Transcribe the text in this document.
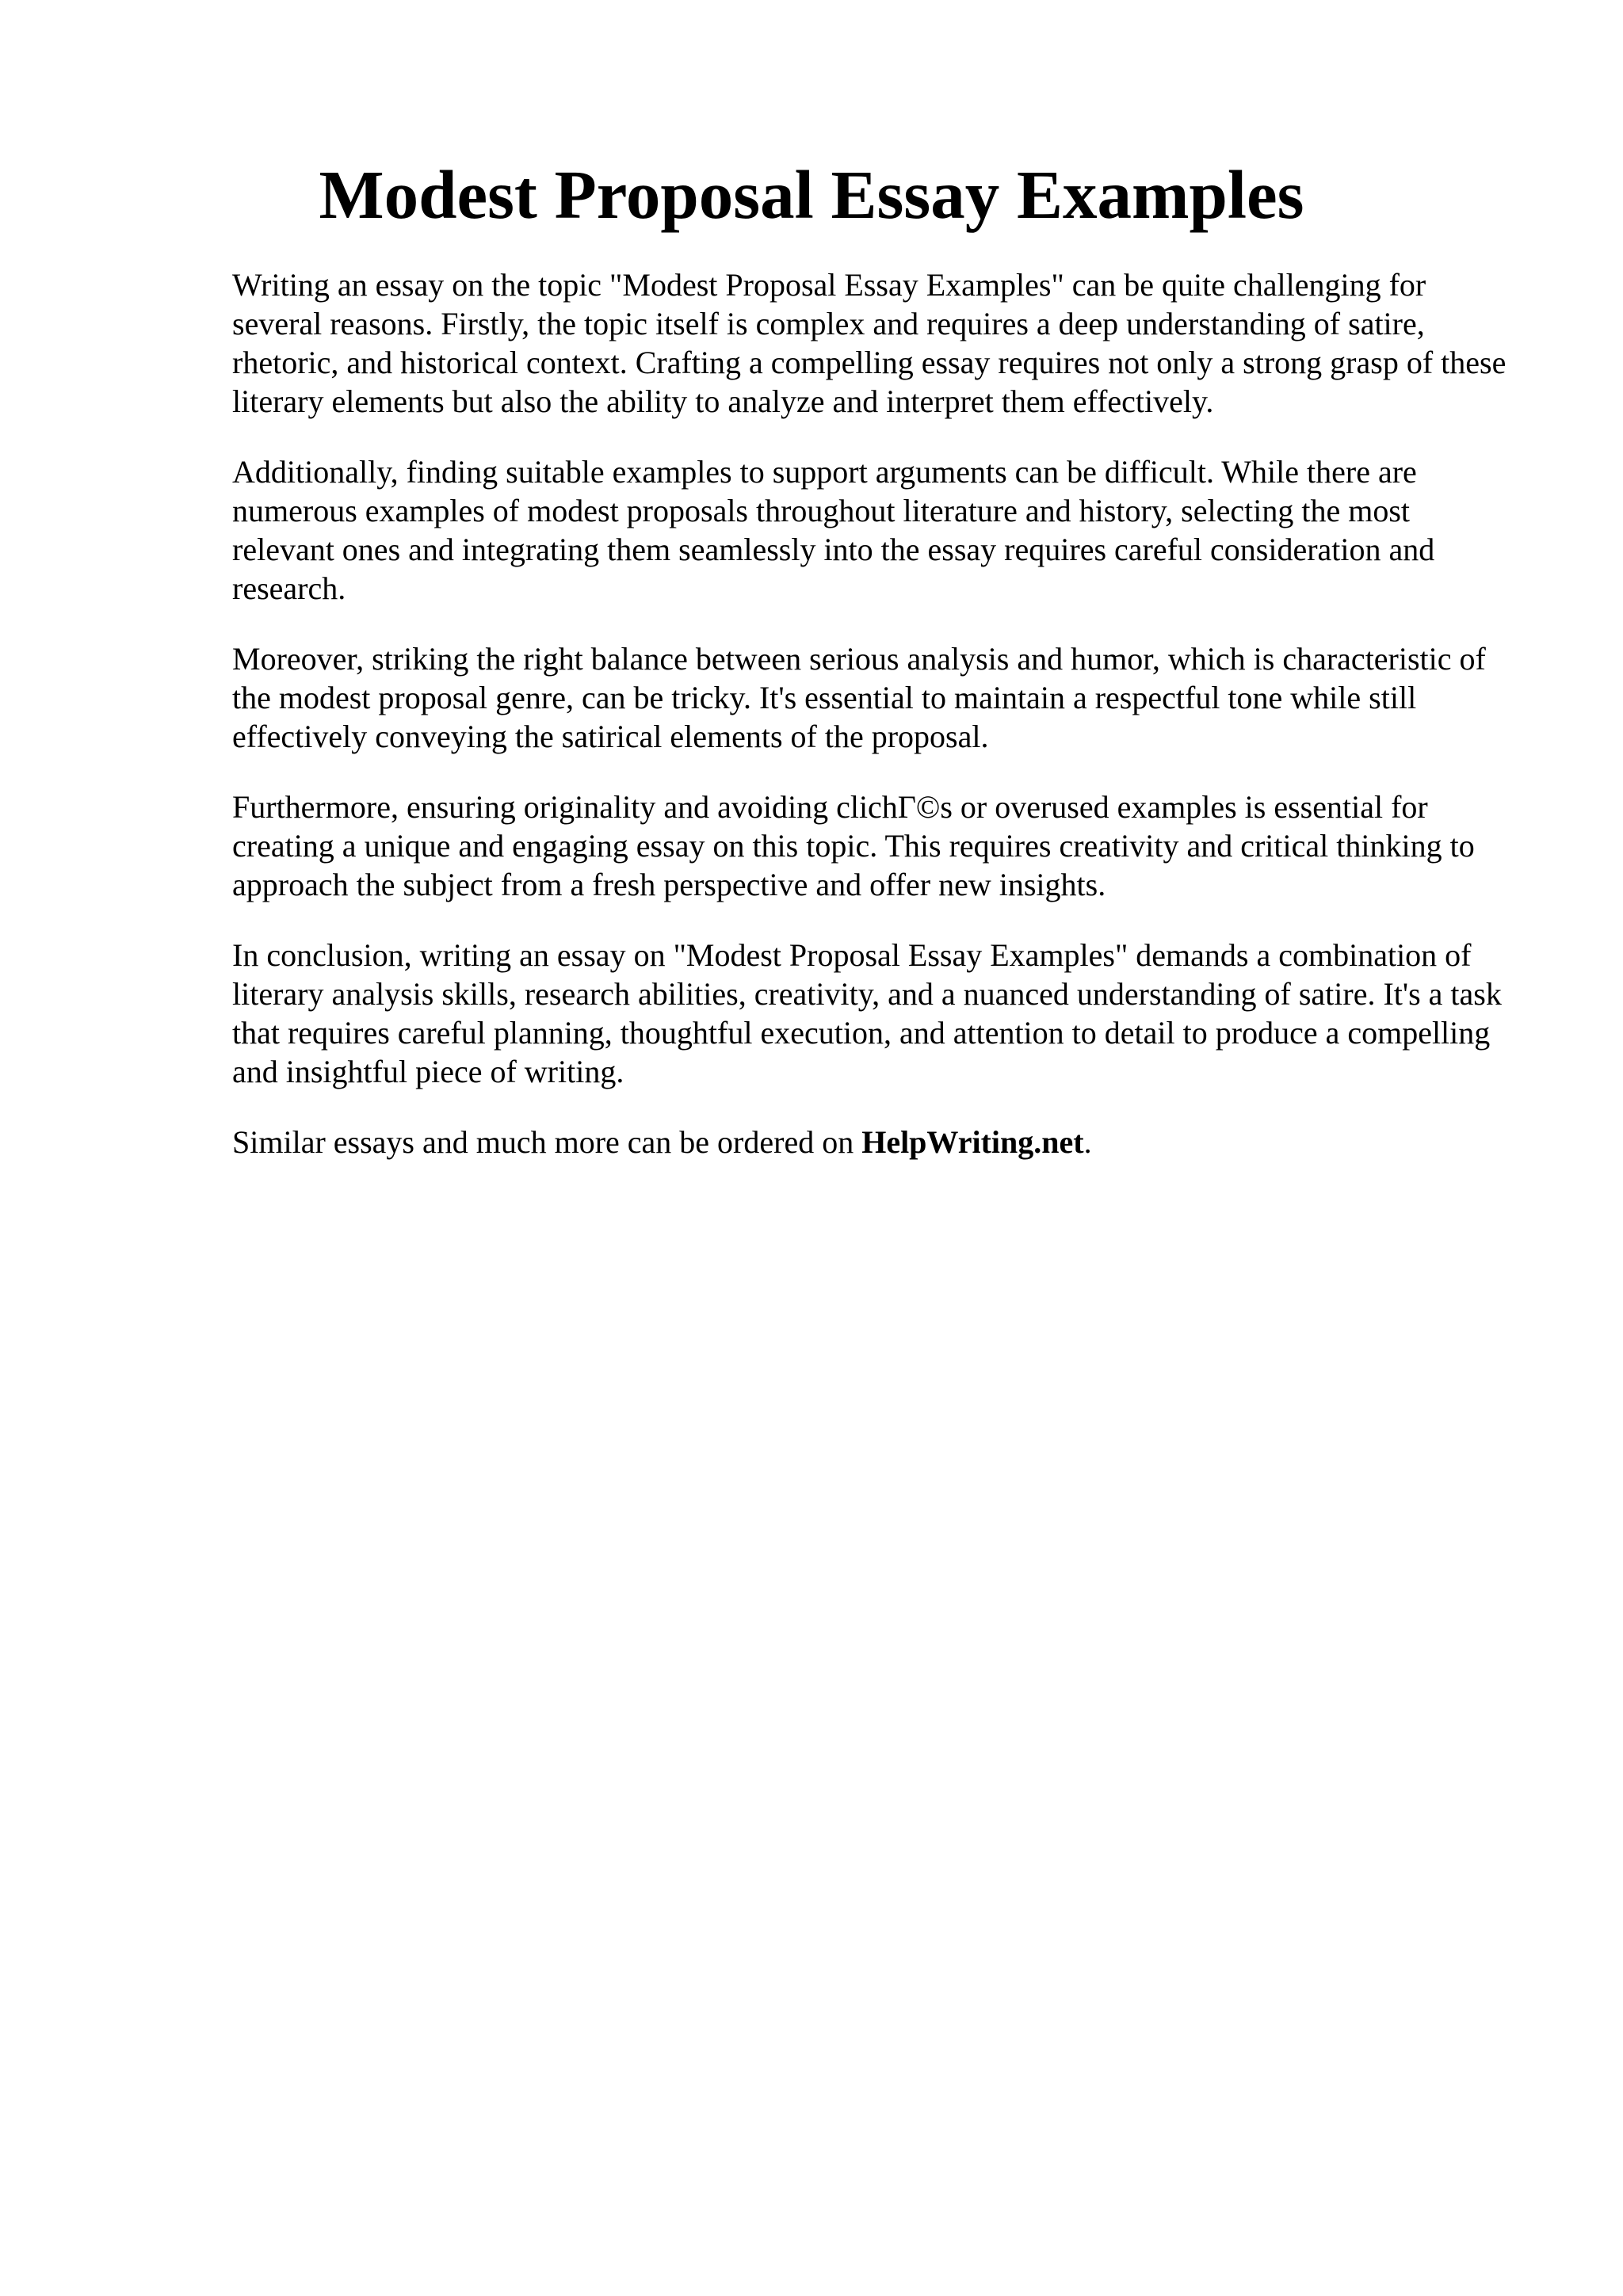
Modest Proposal Essay Examples

Writing an essay on the topic "Modest Proposal Essay Examples" can be quite challenging for several reasons. Firstly, the topic itself is complex and requires a deep understanding of satire, rhetoric, and historical context. Crafting a compelling essay requires not only a strong grasp of these literary elements but also the ability to analyze and interpret them effectively.

Additionally, finding suitable examples to support arguments can be difficult. While there are numerous examples of modest proposals throughout literature and history, selecting the most relevant ones and integrating them seamlessly into the essay requires careful consideration and research.

Moreover, striking the right balance between serious analysis and humor, which is characteristic of the modest proposal genre, can be tricky. It's essential to maintain a respectful tone while still effectively conveying the satirical elements of the proposal.

Furthermore, ensuring originality and avoiding clichΓ©s or overused examples is essential for creating a unique and engaging essay on this topic. This requires creativity and critical thinking to approach the subject from a fresh perspective and offer new insights.

In conclusion, writing an essay on "Modest Proposal Essay Examples" demands a combination of literary analysis skills, research abilities, creativity, and a nuanced understanding of satire. It's a task that requires careful planning, thoughtful execution, and attention to detail to produce a compelling and insightful piece of writing.

Similar essays and much more can be ordered on HelpWriting.net.
